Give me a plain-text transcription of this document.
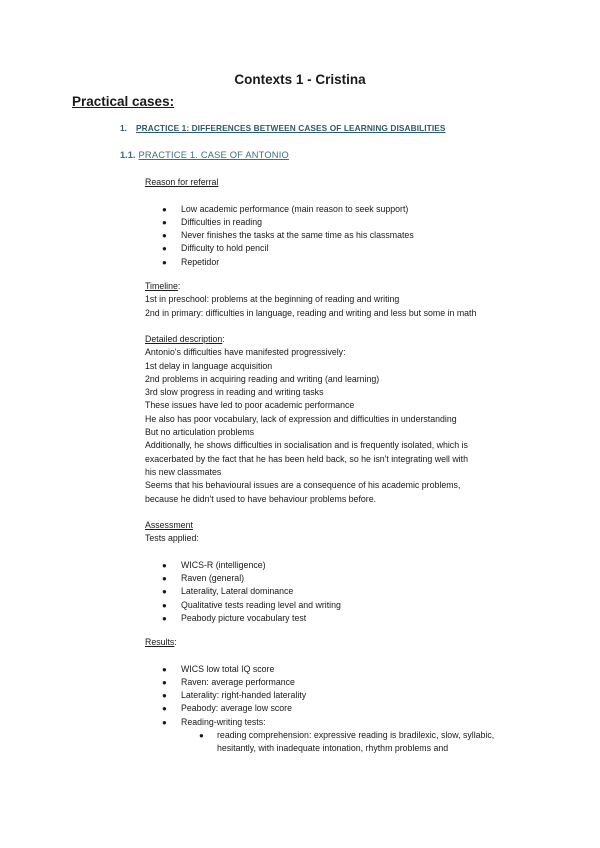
Contexts 1 - Cristina
Practical cases:
1. PRACTICE 1: DIFFERENCES BETWEEN CASES OF LEARNING DISABILITIES
1.1. PRACTICE 1. CASE OF ANTONIO
Reason for referral
● Low academic performance (main reason to seek support)
● Difficulties in reading
● Never finishes the tasks at the same time as his classmates
● Difficulty to hold pencil
● Repetidor
Timeline:
1st in preschool: problems at the beginning of reading and writing
2nd in primary: difficulties in language, reading and writing and less but some in math
Detailed description:
Antonio's difficulties have manifested progressively:
1st delay in language acquisition
2nd problems in acquiring reading and writing (and learning)
3rd slow progress in reading and writing tasks
These issues have led to poor academic performance
He also has poor vocabulary, lack of expression and difficulties in understanding
But no articulation problems
Additionally, he shows difficulties in socialisation and is frequently isolated, which is
exacerbated by the fact that he has been held back, so he isn't integrating well with
his new classmates
Seems that his behavioural issues are a consequence of his academic problems,
because he didn't used to have behaviour problems before.
Assessment
Tests applied:
● WICS-R (intelligence)
● Raven (general)
● Laterality, Lateral dominance
● Qualitative tests reading level and writing
● Peabody picture vocabulary test
Results:
● WICS low total IQ score
● Raven: average performance
● Laterality: right-handed laterality
● Peabody: average low score
● Reading-writing tests:
● reading comprehension: expressive reading is bradilexic, slow, syllabic, hesitantly, with inadequate intonation, rhythm problems and
